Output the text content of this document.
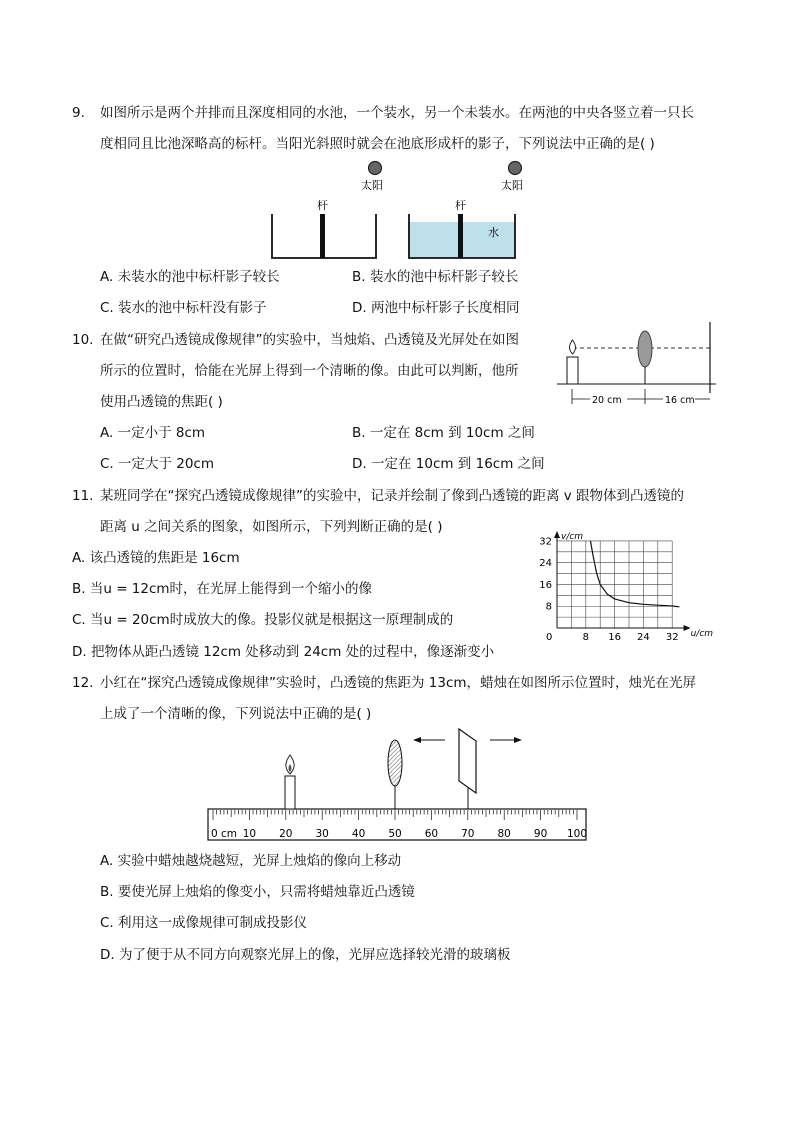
9. 如图所示是两个并排而且深度相同的水池，一个装水，另一个未装水。在两池的中央各竖立着一只长
度相同且比池深略高的标杆。当阳光斜照时就会在池底形成杆的影子，下列说法中正确的是( )
太阳	太阳
杆	杆
水
A. 未装水的池中标杆影子较长	B. 装水的池中标杆影子较长
C. 装水的池中标杆没有影子	D. 两池中标杆影子长度相同
10. 在做“研究凸透镜成像规律”的实验中，当烛焰、凸透镜及光屏处在如图
所示的位置时，恰能在光屏上得到一个清晰的像。由此可以判断，他所
使用凸透镜的焦距( )	20 cm	16 cm
A. 一定小于 8cm	B. 一定在 8cm 到 10cm 之间
C. 一定大于 20cm	D. 一定在 10cm 到 16cm 之间
11. 某班同学在“探究凸透镜成像规律”的实验中，记录并绘制了像到凸透镜的距离 v 跟物体到凸透镜的
距离 u 之间关系的图象，如图所示，下列判断正确的是( )
0	8 16 24 32
8
16
24
32
u/cm
v/cm
A. 该凸透镜的焦距是 16cm
B. 当u = 12cm时，在光屏上能得到一个缩小的像
C. 当u = 20cm时成放大的像。投影仪就是根据这一原理制成的
D. 把物体从距凸透镜 12cm 处移动到 24cm 处的过程中，像逐渐变小
12. 小红在“探究凸透镜成像规律”实验时，凸透镜的焦距为 13cm，蜡烛在如图所示位置时，烛光在光屏
上成了一个清晰的像，下列说法中正确的是( )
0 cm 10 20 30 40 50 60 70 80 90 100
A. 实验中蜡烛越烧越短，光屏上烛焰的像向上移动
B. 要使光屏上烛焰的像变小，只需将蜡烛靠近凸透镜
C. 利用这一成像规律可制成投影仪
D. 为了便于从不同方向观察光屏上的像，光屏应选择较光滑的玻璃板
